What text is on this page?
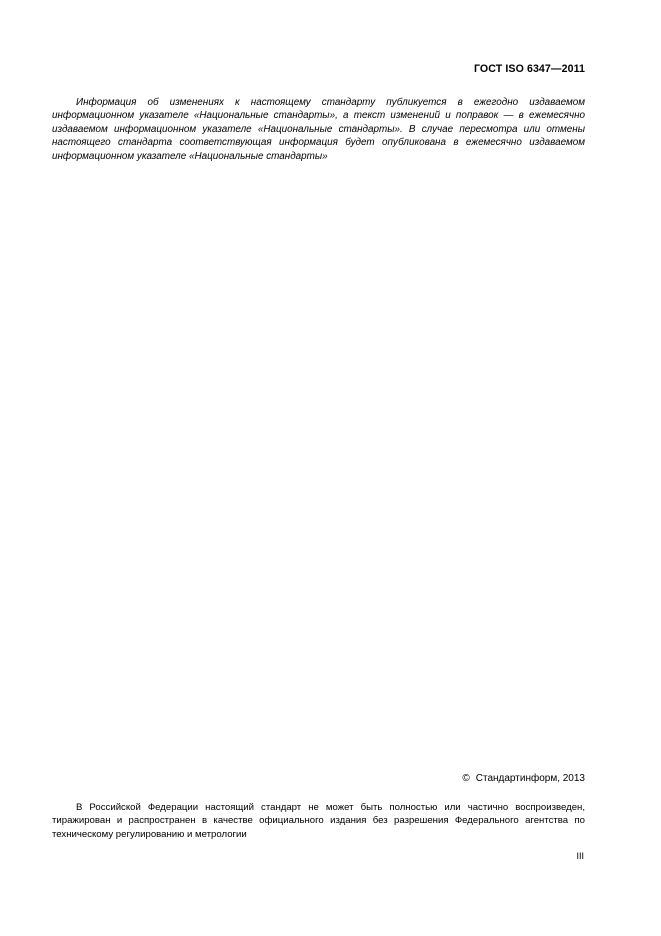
ГОСТ ISO 6347—2011

Информация об изменениях к настоящему стандарту публикуется в ежегодно издаваемом информационном указателе «Национальные стандарты», а текст изменений и поправок — в ежемесячно издаваемом информационном указателе «Национальные стандарты». В случае пересмотра или отмены настоящего стандарта соответствующая информация будет опубликована в ежемесячно издаваемом информационном указателе «Национальные стандарты»

© Стандартинформ, 2013

В Российской Федерации настоящий стандарт не может быть полностью или частично воспроизведен, тиражирован и распространен в качестве официального издания без разрешения Федерального агентства по техническому регулированию и метрологии

III
